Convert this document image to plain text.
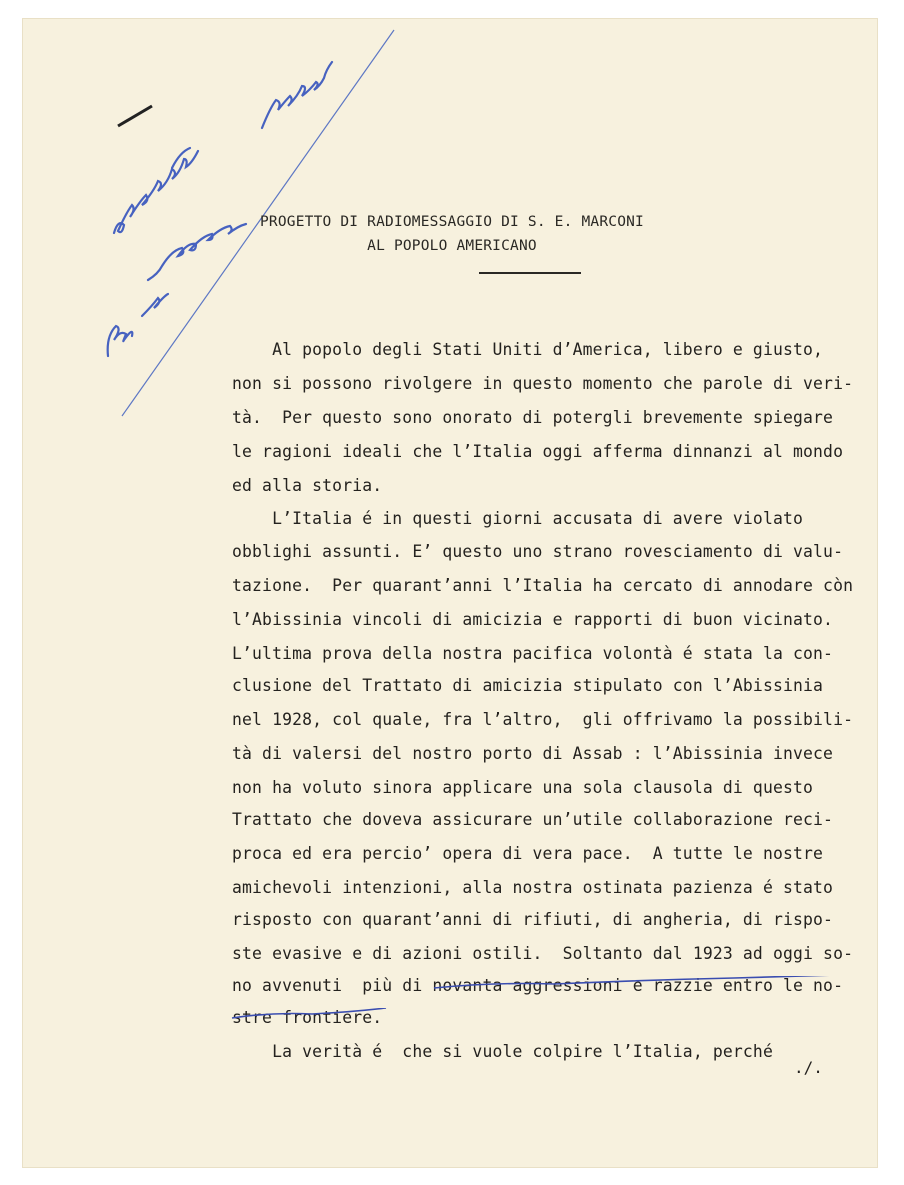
PROGETTO DI RADIOMESSAGGIO DI S. E. MARCONI
AL POPOLO AMERICANO
Al popolo degli Stati Uniti d’America, libero e giusto,
non si possono rivolgere in questo momento che parole di veri-
tà.  Per questo sono onorato di potergli brevemente spiegare
le ragioni ideali che l’Italia oggi afferma dinnanzi al mondo
ed alla storia.
L’Italia é in questi giorni accusata di avere violato
obblighi assunti. E’ questo uno strano rovesciamento di valu-
tazione.  Per quarant’anni l’Italia ha cercato di annodare còn
l’Abissinia vincoli di amicizia e rapporti di buon vicinato.
L’ultima prova della nostra pacifica volontà é stata la con-
clusione del Trattato di amicizia stipulato con l’Abissinia
nel 1928, col quale, fra l’altro,  gli offrivamo la possibili-
tà di valersi del nostro porto di Assab : l’Abissinia invece
non ha voluto sinora applicare una sola clausola di questo
Trattato che doveva assicurare un’utile collaborazione reci-
proca ed era percio’ opera di vera pace.  A tutte le nostre
amichevoli intenzioni, alla nostra ostinata pazienza é stato
risposto con quarant’anni di rifiuti, di angheria, di rispo-
ste evasive e di azioni ostili.  Soltanto dal 1923 ad oggi so-
no avvenuti  più di novanta aggressioni e razzie entro le no-
stre frontiere.
La verità é  che si vuole colpire l’Italia, perché
./.
